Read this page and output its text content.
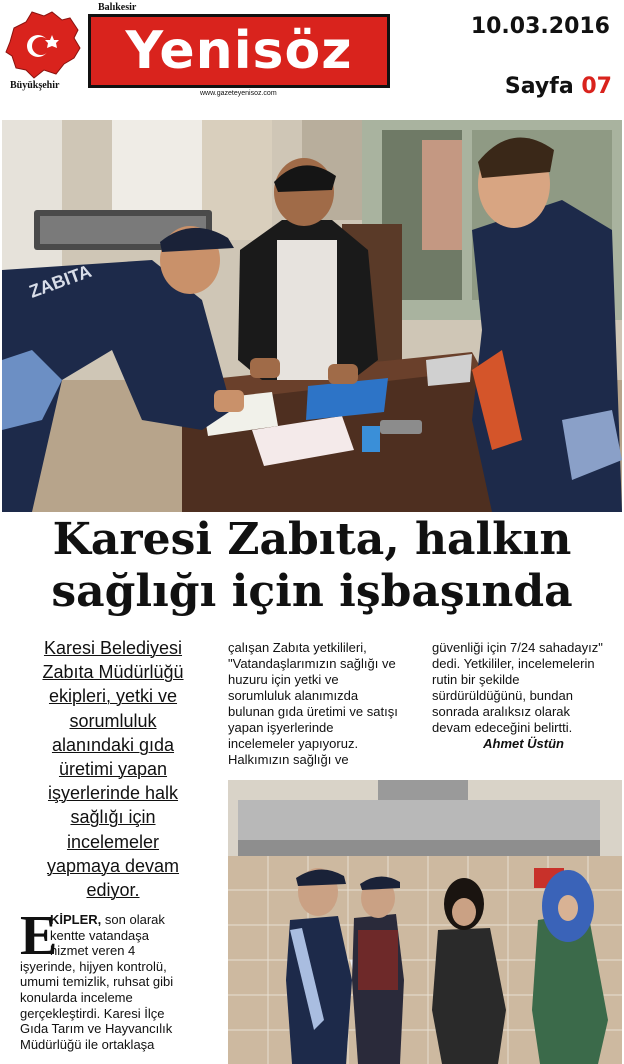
Balıkesir
Yenisöz
Büyükşehir
www.gazeteyenisoz.com
10.03.2016
Sayfa 07
ZABITA
Karesi Zabıta, halkın
sağlığı için işbaşında
Karesi Belediyesi
Zabıta Müdürlüğü
ekipleri, yetki ve
sorumluluk
alanındaki gıda
üretimi yapan
işyerlerinde halk
sağlığı için
incelemeler
yapmaya devam
ediyor.
çalışan Zabıta yetkilileri,
"Vatandaşlarımızın sağlığı ve
huzuru için yetki ve
sorumluluk alanımızda
bulunan gıda üretimi ve satışı
yapan işyerlerinde
incelemeler yapıyoruz.
Halkımızın sağlığı ve
güvenliği için 7/24 sahadayız"
dedi. Yetkililer, incelemelerin
rutin bir şekilde
sürdürüldüğünü, bundan
sonrada aralıksız olarak
devam edeceğini belirtti.
Ahmet Üstün
E
KİPLER, son olarak
kentte vatandaşa
hizmet veren 4
işyerinde, hijyen kontrolü,
umumi temizlik, ruhsat gibi
konularda inceleme
gerçekleştirdi. Karesi İlçe
Gıda Tarım ve Hayvancılık
Müdürlüğü ile ortaklaşa
